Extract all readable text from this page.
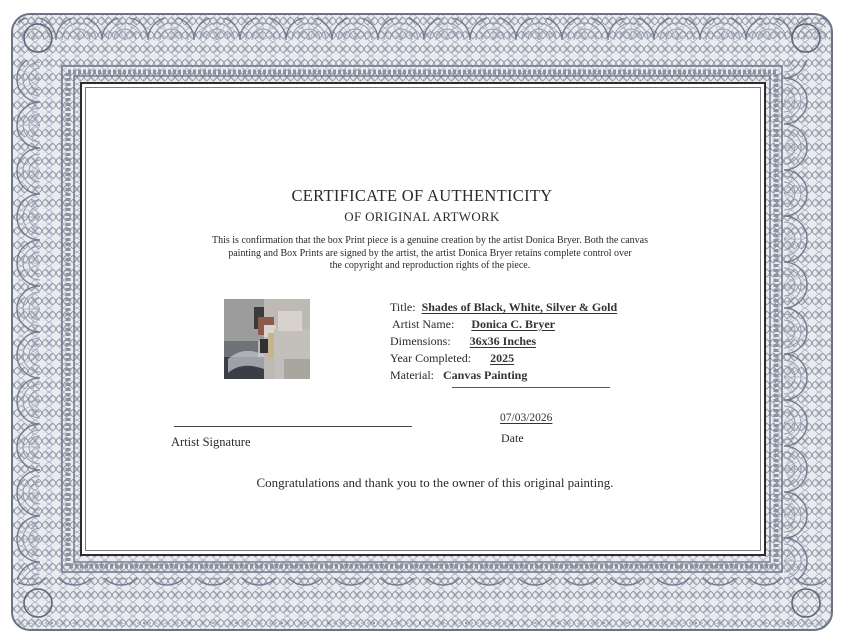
CERTIFICATE OF AUTHENTICITY
OF ORIGINAL ARTWORK
This is confirmation that the box Print piece is a genuine creation by the artist Donica Bryer. Both the canvas
painting and Box Prints are signed by the artist, the artist Donica Bryer retains complete control over
the copyright and reproduction rights of the piece.
Title: Shades of Black, White, Silver & Gold
Artist Name: Donica C. Bryer
Dimensions: 36x36 Inches
Year Completed: 2025
Material: Canvas Painting
Artist Signature
07/03/2026
Date
Congratulations and thank you to the owner of this original painting.
